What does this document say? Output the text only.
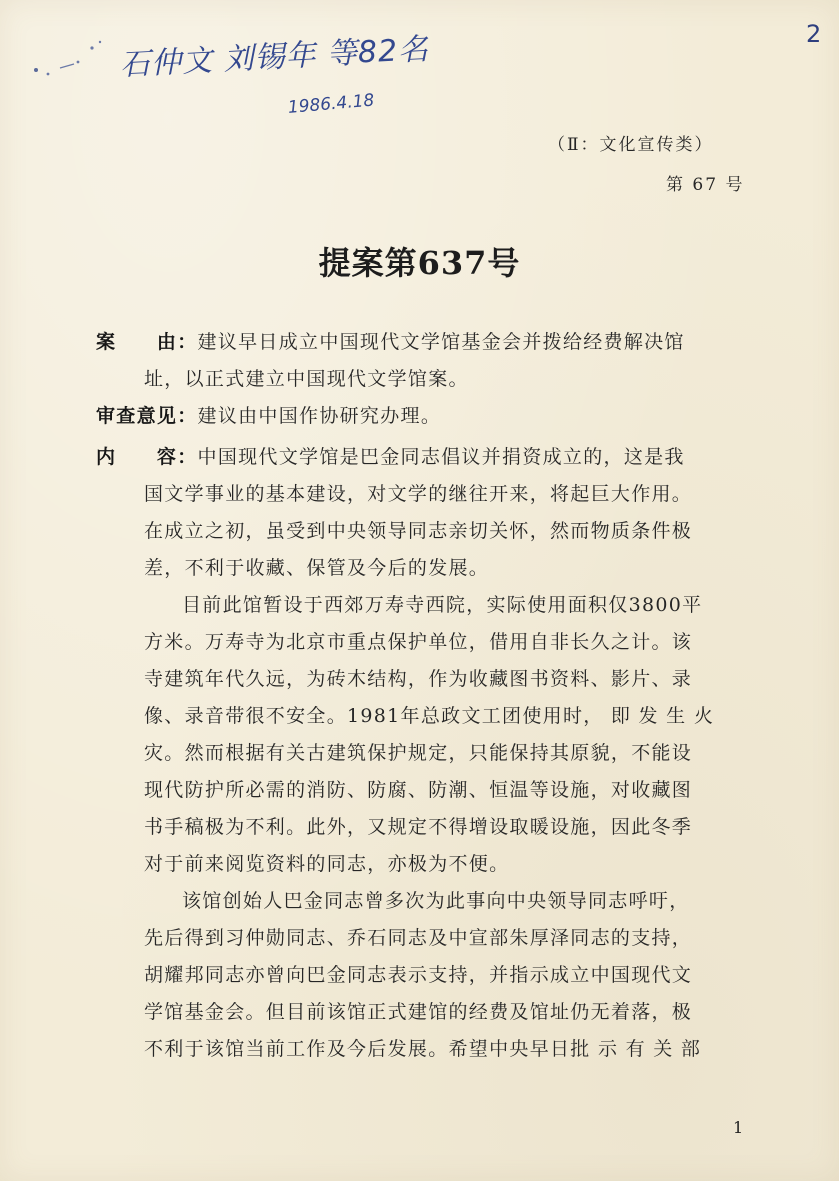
石仲文 刘锡年 等82名
1986.4.18
2
（Ⅱ：文化宣传类）
第 67 号
提案第637号
案　　由：建议早日成立中国现代文学馆基金会并拨给经费解决馆
址，以正式建立中国现代文学馆案。
审查意见：建议由中国作协研究办理。
内　　容：中国现代文学馆是巴金同志倡议并捐资成立的，这是我
国文学事业的基本建设，对文学的继往开来，将起巨大作用。
在成立之初，虽受到中央领导同志亲切关怀，然而物质条件极
差，不利于收藏、保管及今后的发展。
目前此馆暂设于西郊万寿寺西院，实际使用面积仅3800平
方米。万寿寺为北京市重点保护单位，借用自非长久之计。该
寺建筑年代久远，为砖木结构，作为收藏图书资料、影片、录
像、录音带很不安全。1981年总政文工团使用时， 即 发 生 火
灾。然而根据有关古建筑保护规定，只能保持其原貌，不能设
现代防护所必需的消防、防腐、防潮、恒温等设施，对收藏图
书手稿极为不利。此外，又规定不得增设取暖设施，因此冬季
对于前来阅览资料的同志，亦极为不便。
该馆创始人巴金同志曾多次为此事向中央领导同志呼吁，
先后得到习仲勋同志、乔石同志及中宣部朱厚泽同志的支持，
胡耀邦同志亦曾向巴金同志表示支持，并指示成立中国现代文
学馆基金会。但目前该馆正式建馆的经费及馆址仍无着落，极
不利于该馆当前工作及今后发展。希望中央早日批 示 有 关 部
1
